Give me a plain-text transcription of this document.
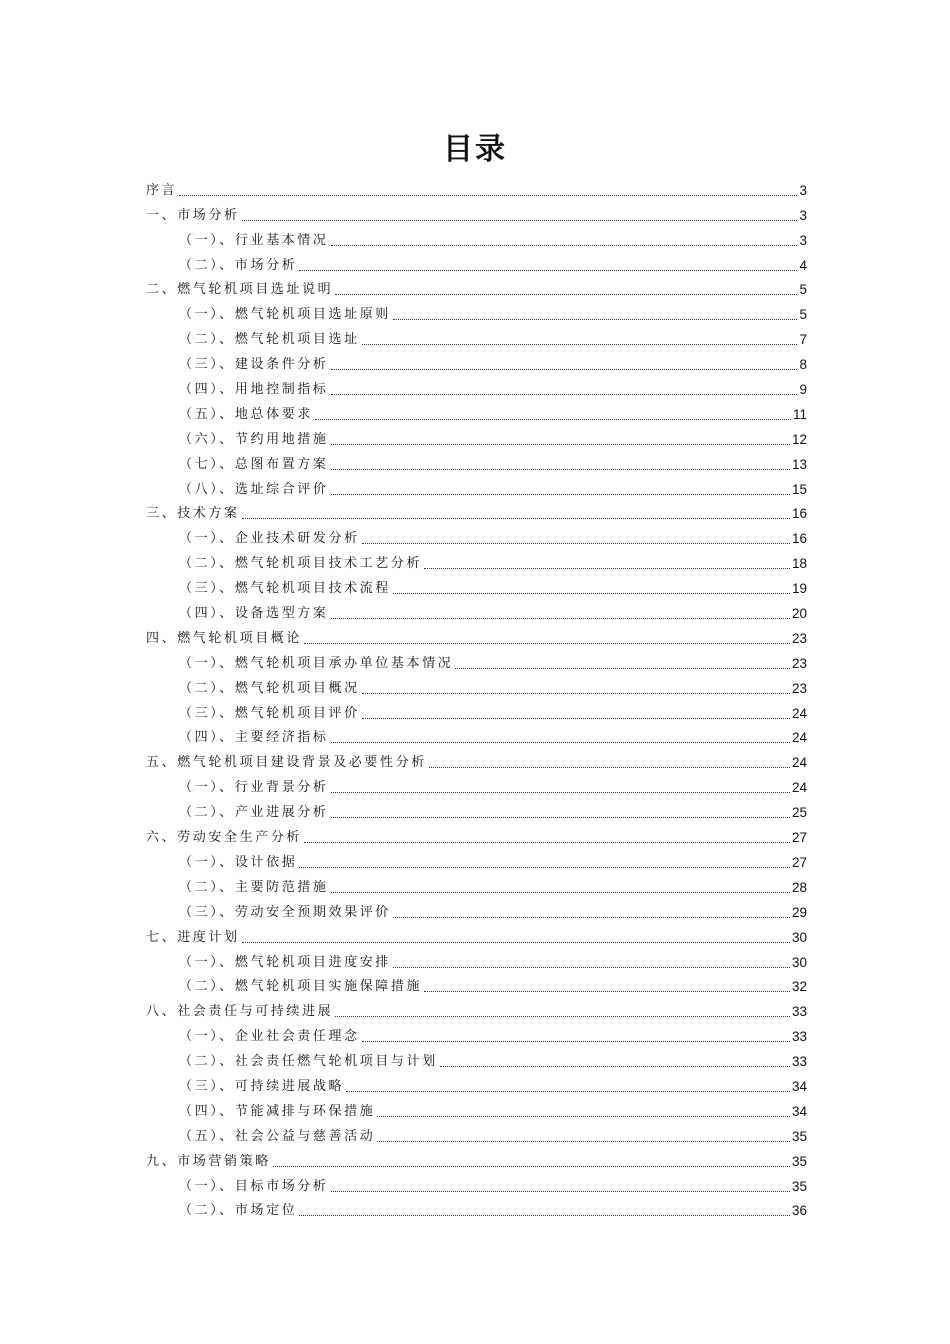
目录
序言	3
一、市场分析	3
（一）、行业基本情况	3
（二）、市场分析	4
二、燃气轮机项目选址说明	5
（一）、燃气轮机项目选址原则	5
（二）、燃气轮机项目选址	7
（三）、建设条件分析	8
（四）、用地控制指标	9
（五）、地总体要求	11
（六）、节约用地措施	12
（七）、总图布置方案	13
（八）、选址综合评价	15
三、技术方案	16
（一）、企业技术研发分析	16
（二）、燃气轮机项目技术工艺分析	18
（三）、燃气轮机项目技术流程	19
（四）、设备选型方案	20
四、燃气轮机项目概论	23
（一）、燃气轮机项目承办单位基本情况	23
（二）、燃气轮机项目概况	23
（三）、燃气轮机项目评价	24
（四）、主要经济指标	24
五、燃气轮机项目建设背景及必要性分析	24
（一）、行业背景分析	24
（二）、产业进展分析	25
六、劳动安全生产分析	27
（一）、设计依据	27
（二）、主要防范措施	28
（三）、劳动安全预期效果评价	29
七、进度计划	30
（一）、燃气轮机项目进度安排	30
（二）、燃气轮机项目实施保障措施	32
八、社会责任与可持续进展	33
（一）、企业社会责任理念	33
（二）、社会责任燃气轮机项目与计划	33
（三）、可持续进展战略	34
（四）、节能减排与环保措施	34
（五）、社会公益与慈善活动	35
九、市场营销策略	35
（一）、目标市场分析	35
（二）、市场定位	36
